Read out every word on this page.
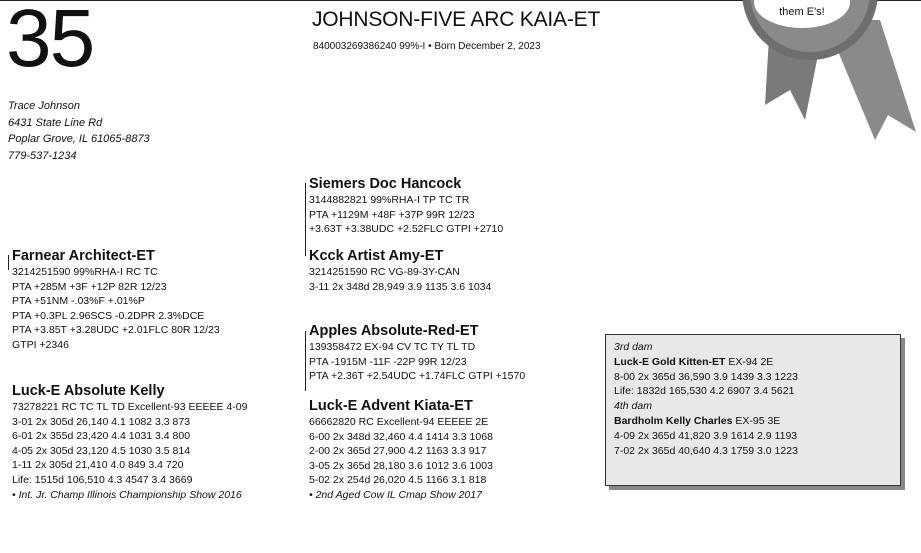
35
Trace Johnson
6431 State Line Rd
Poplar Grove, IL 61065-8873
779-537-1234
JOHNSON-FIVE ARC KAIA-ET
840003269386240 99%-I • Born December 2, 2023
them E's!
Siemers Doc Hancock
3144882821 99%RHA-I TP TC TR
PTA +1129M +48F +37P 99R 12/23
+3.63T +3.38UDC +2.52FLC GTPI +2710
Kcck Artist Amy-ET
3214251590 RC VG-89-3Y-CAN
3-11 2x 348d 28,949 3.9 1135 3.6 1034
Farnear Architect-ET
3214251590 99%RHA-I RC TC
PTA +285M +3F +12P 82R 12/23
PTA +51NM -.03%F +.01%P
PTA +0.3PL 2.96SCS -0.2DPR 2.3%DCE
PTA +3.85T +3.28UDC +2.01FLC 80R 12/23
GTPI +2346
Apples Absolute-Red-ET
139358472 EX-94 CV TC TY TL TD
PTA -1915M -11F -22P 99R 12/23
PTA +2.36T +2.54UDC +1.74FLC GTPI +1570
Luck-E Absolute Kelly
73278221 RC TC TL TD Excellent-93 EEEEE 4-09
3-01 2x 305d 26,140 4.1 1082 3.3 873
6-01 2x 355d 23,420 4.4 1031 3.4 800
4-05 2x 305d 23,120 4.5 1030 3.5 814
1-11 2x 305d 21,410 4.0 849 3.4 720
Life: 1515d 106,510 4.3 4547 3.4 3669
• Int. Jr. Champ Illinois Championship Show 2016
Luck-E Advent Kiata-ET
66662820 RC Excellent-94 EEEEE 2E
6-00 2x 348d 32,460 4.4 1414 3.3 1068
2-00 2x 365d 27,900 4.2 1163 3.3 917
3-05 2x 365d 28,180 3.6 1012 3.6 1003
5-02 2x 254d 26,020 4.5 1166 3.1 818
• 2nd Aged Cow IL Cmap Show 2017
3rd dam
Luck-E Gold Kitten-ET EX-94 2E
8-00 2x 365d 36,590 3.9 1439 3.3 1223
Life: 1832d 165,530 4.2 6907 3.4 5621
4th dam
Bardholm Kelly Charles EX-95 3E
4-09 2x 365d 41,820 3.9 1614 2.9 1193
7-02 2x 365d 40,640 4.3 1759 3.0 1223
